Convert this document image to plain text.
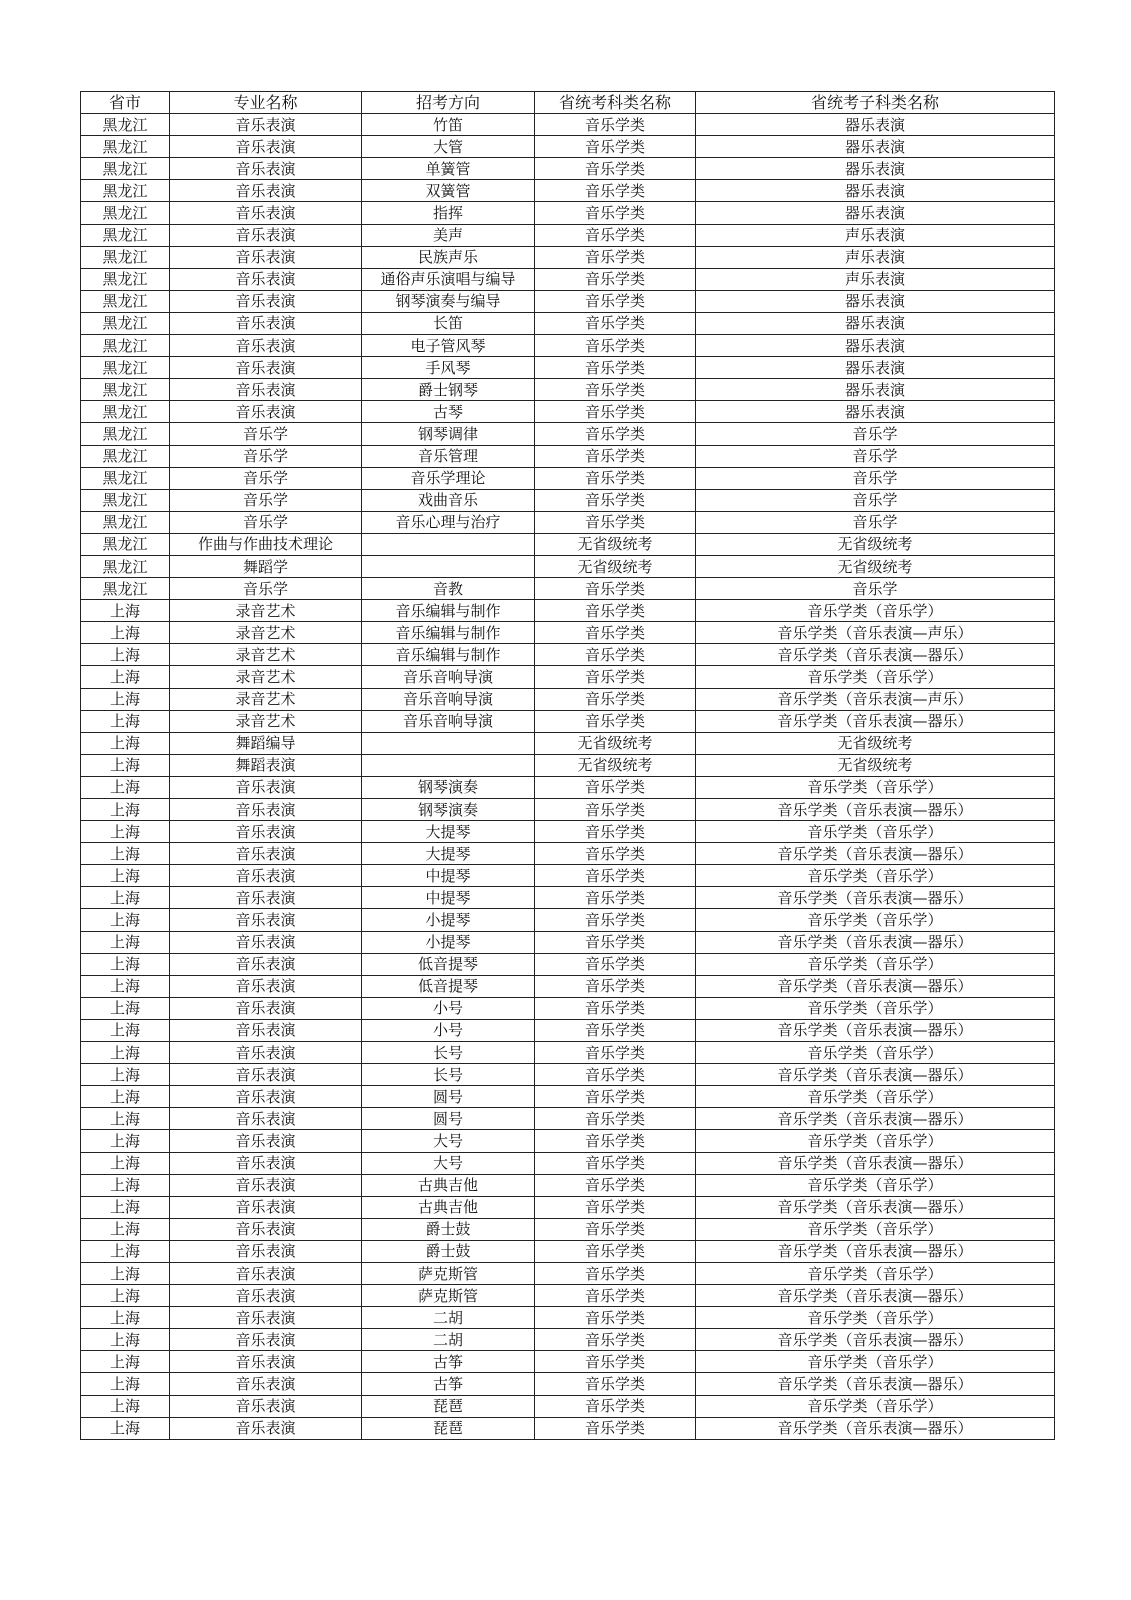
省市	专业名称	招考方向	省统考科类名称	省统考子科类名称
黑龙江	音乐表演	竹笛	音乐学类	器乐表演
黑龙江	音乐表演	大管	音乐学类	器乐表演
黑龙江	音乐表演	单簧管	音乐学类	器乐表演
黑龙江	音乐表演	双簧管	音乐学类	器乐表演
黑龙江	音乐表演	指挥	音乐学类	器乐表演
黑龙江	音乐表演	美声	音乐学类	声乐表演
黑龙江	音乐表演	民族声乐	音乐学类	声乐表演
黑龙江	音乐表演	通俗声乐演唱与编导	音乐学类	声乐表演
黑龙江	音乐表演	钢琴演奏与编导	音乐学类	器乐表演
黑龙江	音乐表演	长笛	音乐学类	器乐表演
黑龙江	音乐表演	电子管风琴	音乐学类	器乐表演
黑龙江	音乐表演	手风琴	音乐学类	器乐表演
黑龙江	音乐表演	爵士钢琴	音乐学类	器乐表演
黑龙江	音乐表演	古琴	音乐学类	器乐表演
黑龙江	音乐学	钢琴调律	音乐学类	音乐学
黑龙江	音乐学	音乐管理	音乐学类	音乐学
黑龙江	音乐学	音乐学理论	音乐学类	音乐学
黑龙江	音乐学	戏曲音乐	音乐学类	音乐学
黑龙江	音乐学	音乐心理与治疗	音乐学类	音乐学
黑龙江	作曲与作曲技术理论		无省级统考	无省级统考
黑龙江	舞蹈学		无省级统考	无省级统考
黑龙江	音乐学	音教	音乐学类	音乐学
上海	录音艺术	音乐编辑与制作	音乐学类	音乐学类（音乐学）
上海	录音艺术	音乐编辑与制作	音乐学类	音乐学类（音乐表演—声乐）
上海	录音艺术	音乐编辑与制作	音乐学类	音乐学类（音乐表演—器乐）
上海	录音艺术	音乐音响导演	音乐学类	音乐学类（音乐学）
上海	录音艺术	音乐音响导演	音乐学类	音乐学类（音乐表演—声乐）
上海	录音艺术	音乐音响导演	音乐学类	音乐学类（音乐表演—器乐）
上海	舞蹈编导		无省级统考	无省级统考
上海	舞蹈表演		无省级统考	无省级统考
上海	音乐表演	钢琴演奏	音乐学类	音乐学类（音乐学）
上海	音乐表演	钢琴演奏	音乐学类	音乐学类（音乐表演—器乐）
上海	音乐表演	大提琴	音乐学类	音乐学类（音乐学）
上海	音乐表演	大提琴	音乐学类	音乐学类（音乐表演—器乐）
上海	音乐表演	中提琴	音乐学类	音乐学类（音乐学）
上海	音乐表演	中提琴	音乐学类	音乐学类（音乐表演—器乐）
上海	音乐表演	小提琴	音乐学类	音乐学类（音乐学）
上海	音乐表演	小提琴	音乐学类	音乐学类（音乐表演—器乐）
上海	音乐表演	低音提琴	音乐学类	音乐学类（音乐学）
上海	音乐表演	低音提琴	音乐学类	音乐学类（音乐表演—器乐）
上海	音乐表演	小号	音乐学类	音乐学类（音乐学）
上海	音乐表演	小号	音乐学类	音乐学类（音乐表演—器乐）
上海	音乐表演	长号	音乐学类	音乐学类（音乐学）
上海	音乐表演	长号	音乐学类	音乐学类（音乐表演—器乐）
上海	音乐表演	圆号	音乐学类	音乐学类（音乐学）
上海	音乐表演	圆号	音乐学类	音乐学类（音乐表演—器乐）
上海	音乐表演	大号	音乐学类	音乐学类（音乐学）
上海	音乐表演	大号	音乐学类	音乐学类（音乐表演—器乐）
上海	音乐表演	古典吉他	音乐学类	音乐学类（音乐学）
上海	音乐表演	古典吉他	音乐学类	音乐学类（音乐表演—器乐）
上海	音乐表演	爵士鼓	音乐学类	音乐学类（音乐学）
上海	音乐表演	爵士鼓	音乐学类	音乐学类（音乐表演—器乐）
上海	音乐表演	萨克斯管	音乐学类	音乐学类（音乐学）
上海	音乐表演	萨克斯管	音乐学类	音乐学类（音乐表演—器乐）
上海	音乐表演	二胡	音乐学类	音乐学类（音乐学）
上海	音乐表演	二胡	音乐学类	音乐学类（音乐表演—器乐）
上海	音乐表演	古筝	音乐学类	音乐学类（音乐学）
上海	音乐表演	古筝	音乐学类	音乐学类（音乐表演—器乐）
上海	音乐表演	琵琶	音乐学类	音乐学类（音乐学）
上海	音乐表演	琵琶	音乐学类	音乐学类（音乐表演—器乐）
